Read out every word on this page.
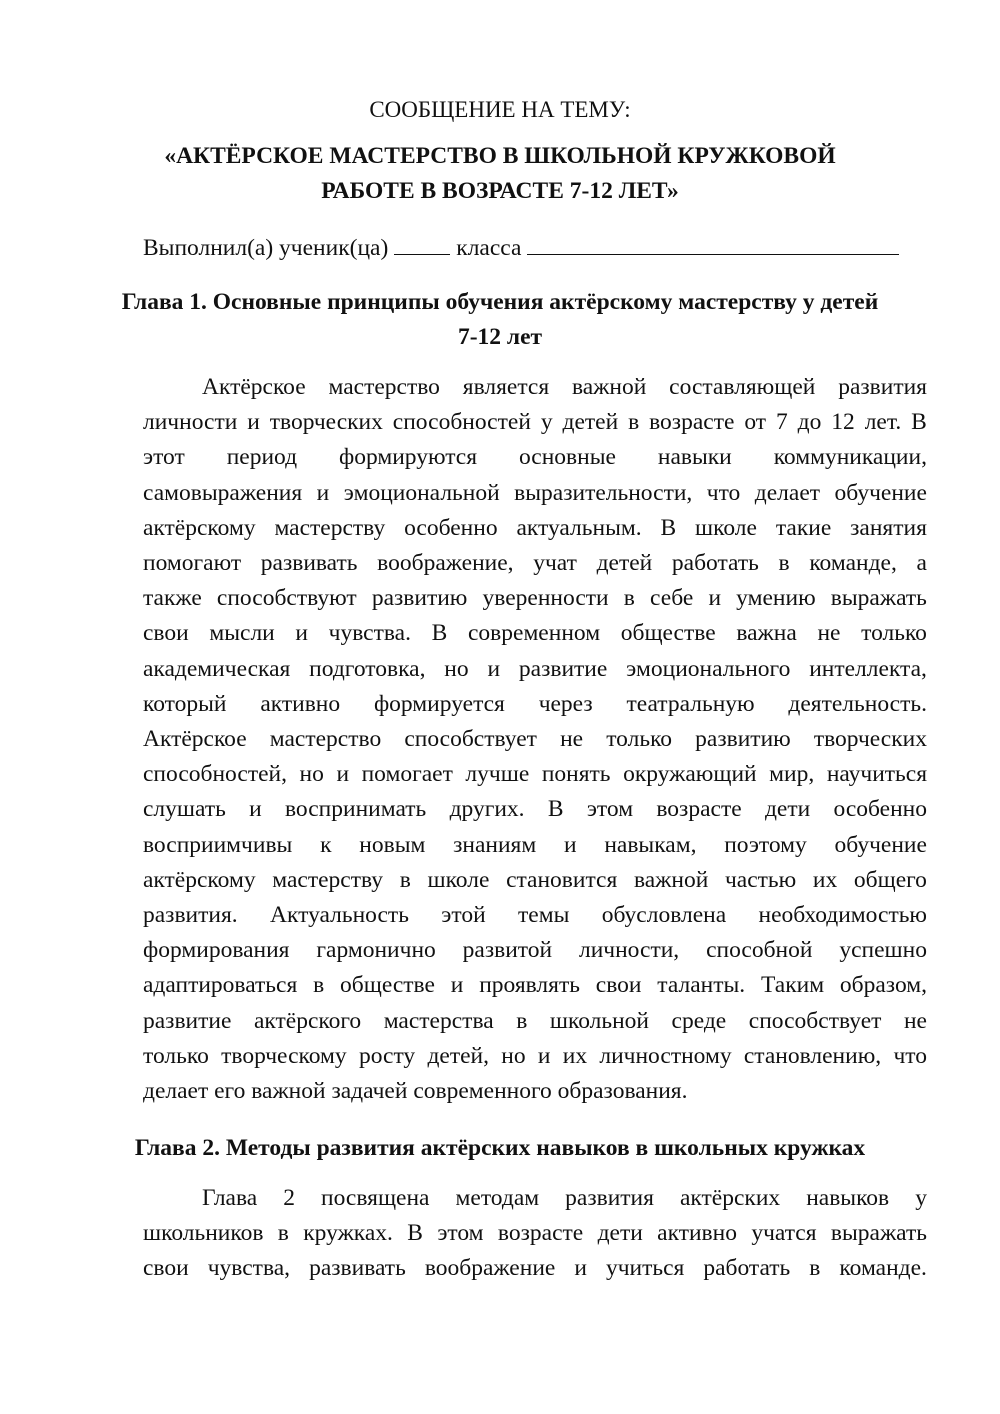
СООБЩЕНИЕ НА ТЕМУ:
«АКТЁРСКОЕ МАСТЕРСТВО В ШКОЛЬНОЙ КРУЖКОВОЙ
РАБОТЕ В ВОЗРАСТЕ 7-12 ЛЕТ»
Выполнил(а) ученик(ца)	класса
Глава 1. Основные принципы обучения актёрскому мастерству у детей
7-12 лет
Актёрское мастерство является важной составляющей развития
личности и творческих способностей у детей в возрасте от 7 до 12 лет. В
этот период формируются основные навыки коммуникации,
самовыражения и эмоциональной выразительности, что делает обучение
актёрскому мастерству особенно актуальным. В школе такие занятия
помогают развивать воображение, учат детей работать в команде, а
также способствуют развитию уверенности в себе и умению выражать
свои мысли и чувства. В современном обществе важна не только
академическая подготовка, но и развитие эмоционального интеллекта,
который активно формируется через театральную деятельность.
Актёрское мастерство способствует не только развитию творческих
способностей, но и помогает лучше понять окружающий мир, научиться
слушать и воспринимать других. В этом возрасте дети особенно
восприимчивы к новым знаниям и навыкам, поэтому обучение
актёрскому мастерству в школе становится важной частью их общего
развития. Актуальность этой темы обусловлена необходимостью
формирования гармонично развитой личности, способной успешно
адаптироваться в обществе и проявлять свои таланты. Таким образом,
развитие актёрского мастерства в школьной среде способствует не
только творческому росту детей, но и их личностному становлению, что
делает его важной задачей современного образования.
Глава 2. Методы развития актёрских навыков в школьных кружках
Глава 2 посвящена методам развития актёрских навыков у
школьников в кружках. В этом возрасте дети активно учатся выражать
свои чувства, развивать воображение и учиться работать в команде.
